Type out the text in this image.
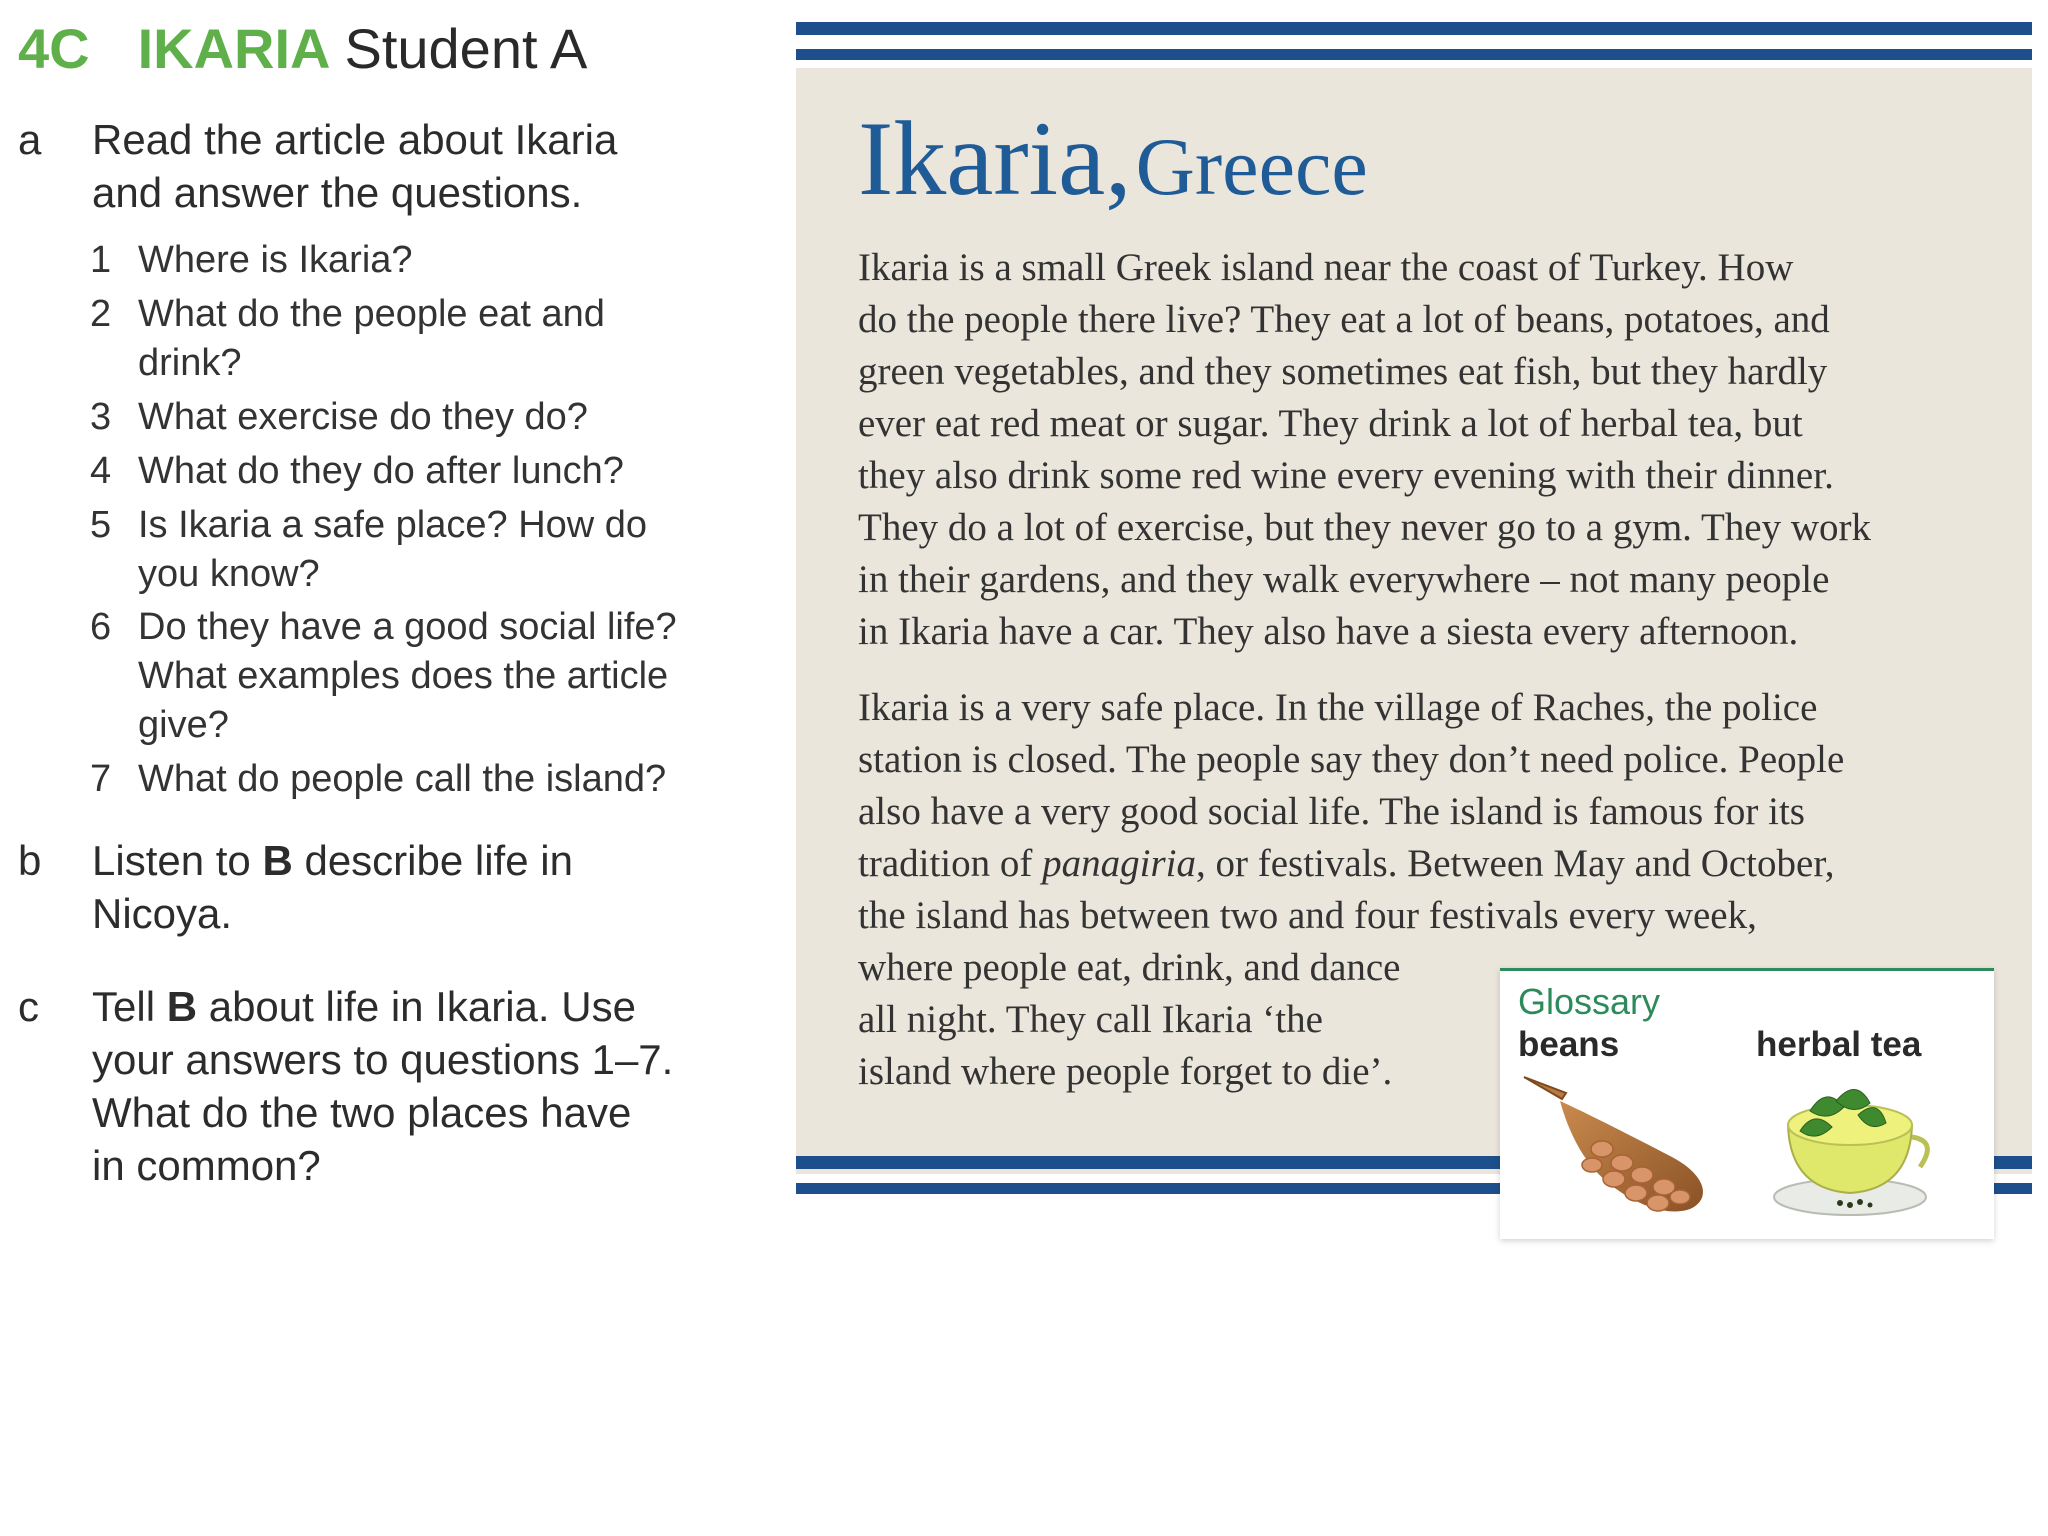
4C IKARIA Student A
a	Read the article about Ikaria
and answer the questions.

1 Where is Ikaria?

2 What do the people eat and

drink?

3 What exercise do they do?

4 What do they do after lunch?

5 Is Ikaria a safe place? How do

you know?

6 Do they have a good social life?

What examples does the article

give?

7 What do people call the island?

b	Listen to B describe life in
Nicoya.
c	Tell B about life in Ikaria. Use
your answers to questions 1–7.
What do the two places have
in common?
Ikaria, Greece
Ikaria is a small Greek island near the coast of Turkey. How
do the people there live? They eat a lot of beans, potatoes, and
green vegetables, and they sometimes eat fish, but they hardly
ever eat red meat or sugar. They drink a lot of herbal tea, but
they also drink some red wine every evening with their dinner.
They do a lot of exercise, but they never go to a gym. They work
in their gardens, and they walk everywhere – not many people
in Ikaria have a car. They also have a siesta every afternoon.
Ikaria is a very safe place. In the village of Raches, the police
station is closed. The people say they don’t need police. People
also have a very good social life. The island is famous for its
tradition of panagiria, or festivals. Between May and October,
the island has between two and four festivals every week,
where people eat, drink, and dance
all night. They call Ikaria ‘the
island where people forget to die’.
Glossary
beans	herbal tea
